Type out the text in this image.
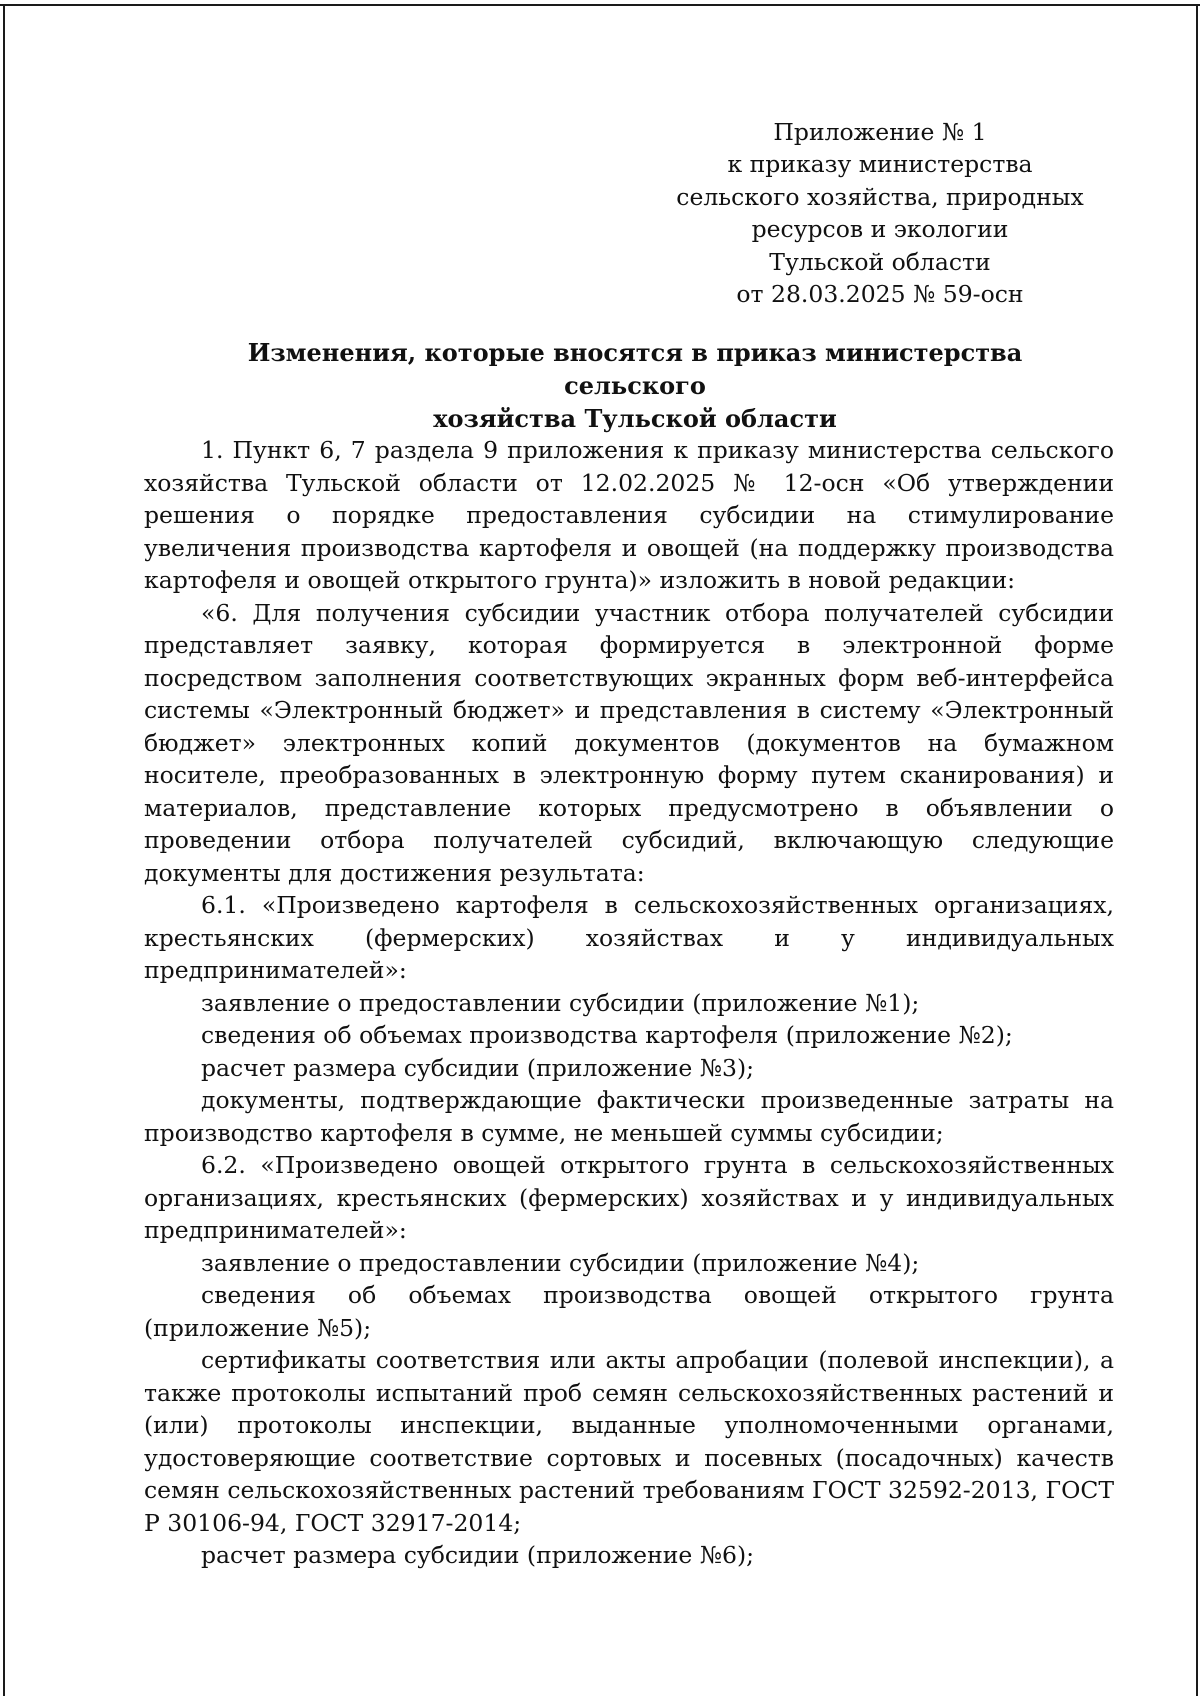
Приложение № 1
к приказу министерства
сельского хозяйства, природных
ресурсов и экологии
Тульской области
от 28.03.2025 № 59-осн
Изменения, которые вносятся в приказ министерства сельского
хозяйства Тульской области

1. Пункт 6, 7 раздела 9 приложения к приказу министерства сельского хозяйства Тульской области от 12.02.2025 № 12-осн «Об утверждении решения о порядке предоставления субсидии на стимулирование увеличения производства картофеля и овощей (на поддержку производства картофеля и овощей открытого грунта)» изложить в новой редакции:

«6. Для получения субсидии участник отбора получателей субсидии представляет заявку, которая формируется в электронной форме посредством заполнения соответствующих экранных форм веб-интерфейса системы «Электронный бюджет» и представления в систему «Электронный бюджет» электронных копий документов (документов на бумажном носителе, преобразованных в электронную форму путем сканирования) и материалов, представление которых предусмотрено в объявлении о проведении отбора получателей субсидий, включающую следующие документы для достижения результата:

6.1. «Произведено картофеля в сельскохозяйственных организациях, крестьянских (фермерских) хозяйствах и у индивидуальных предпринимателей»:

заявление о предоставлении субсидии (приложение №1);

сведения об объемах производства картофеля (приложение №2);

расчет размера субсидии (приложение №3);

документы, подтверждающие фактически произведенные затраты на производство картофеля в сумме, не меньшей суммы субсидии;

6.2. «Произведено овощей открытого грунта в сельскохозяйственных организациях, крестьянских (фермерских) хозяйствах и у индивидуальных предпринимателей»:

заявление о предоставлении субсидии (приложение №4);

сведения об объемах производства овощей открытого грунта (приложение №5);

сертификаты соответствия или акты апробации (полевой инспекции), а также протоколы испытаний проб семян сельскохозяйственных растений и (или) протоколы инспекции, выданные уполномоченными органами, удостоверяющие соответствие сортовых и посевных (посадочных) качеств семян сельскохозяйственных растений требованиям ГОСТ 32592-2013, ГОСТ Р 30106-94, ГОСТ 32917-2014;

расчет размера субсидии (приложение №6);
